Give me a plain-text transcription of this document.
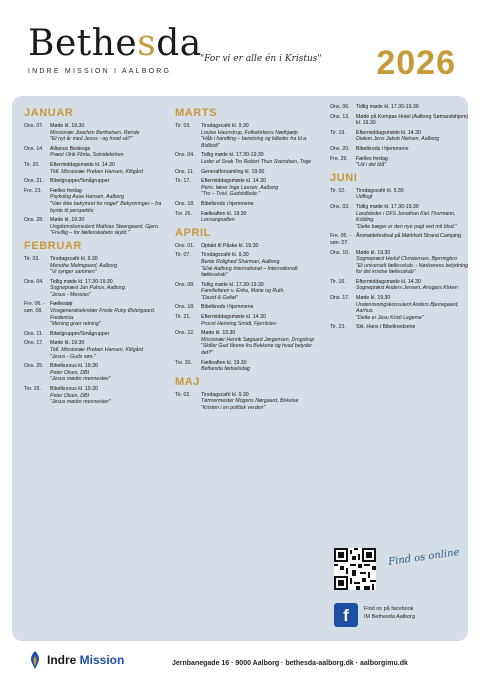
Bethesda
INDRE MISSION I AALBORG
"For vi er alle én i Kristus" 2026
JANUAR
Ons. 07.	Møde kl. 19.30
Missionær Joachim Berthelsen, Rønde
"Et nyt år med Jesus - og hvad så?"
Ons. 14.	Alliance Bedeuge
Præst Ulrik Flinta, Solsidekirken
Tir. 20.	Eftermiddagsmøde kl. 14.30
Tidl. Missionær Preben Hansen, Klitgård
Ons. 21.	Bibelgrupper/Smågrupper
Fre. 23.	Fælles fredag
Psykolog Aase Hansen, Aalborg
"Vær ikke bekymret for noget" Bekymringer – fra byrde til perspektiv.
Ons. 28.	Møde kl. 19.30
Ungdomskonsulent Mathias Steengaard, Gjern.
"Frivillig – for fællesskabets skyld."
FEBRUAR
Tir. 03.	Tirsdagscafé kl. 9.30
Merethe Malmgaard, Aalborg
"Vi synger sammen"
Ons. 04.	Tidlig møde kl. 17.30-19.30
Sognepræst Jan Pahus, Aalborg.
"Jesus - Messias"
Fre. 06. - søn. 08.
Fællesløjr
Vicegeneralsekretær Frede Ruby Østergaard, Fredericia.
"Mening giver retning"
Ons. 11.	Bibelgrupper/Smågrupper
Ons. 17.	Møde kl. 19.30
Tidl. Missionær Preben Hansen, Klitgård
"Jesus - Guds søn."
Ons. 25.	Bibelkursus kl. 19.30
Peter Olsen, DBI
"Jesus møder mennesker"
Tor. 26.	Bibelkursus kl. 19.30
Peter Olsen, DBI
"Jesus møder mennesker"
MARTS
Tir. 03.	Tirsdagscafé kl. 9.30
Louise Haunstrup, Folkekirkens Nødhjælp
"Håb i handling – beretning og billeder fra bl.a. Bidibidi"
Ons. 04.	Tidlig møde kl. 17.30-19.30
Leder af Snak Tro Robert Thun Svendsen, Trige
Ons. 11.	Generalforsamling kl. 19.00
Tir. 17.	Eftermiddagsmøde kl. 14.30
Pens. lærer Inge Lassen, Aalborg
"Tro – Tvivl, Gudsbillede."
Ons. 18.	Bibelkreds i hjemmene
Tor. 26.	Fælleaften kl. 19.30
Lovsangsaften
APRIL
Ons. 01.	Optakt til Påske kl. 19.30
Tir. 07.	Tirsdagscafé kl. 9.30
Bente Rolighed Sharman, Aalborg.
"Elsk Aalborg International – Internationalt fællesskab"
Ons. 08.	Tidlig møde kl. 17.30-19.30
Familiefaren v. Erika, Marie og Ruth.
"David & Goliat"
Ons. 18.	Bibelkreds i hjemmene
Tir. 21.	Eftermiddagsmøde kl. 14.30
Provst Henning Smidt, Fjerritslev
Ons. 22.	Møde kl. 19.30
Missionær Henrik Søgaard Jørgensen, Drogstrup
"Skiller Gud fårene fra Bukkene og hvad betyder det?"
Tor. 30.	Fælleaften kl. 19.30
Bethesda fødselsdag
MAJ
Tir. 02.	Tirsdagscafé kl. 9.30
Tømrermester Mogens Nørgaard, Birkelse
"Kristen i en politisk verden"
Ons. 06.	Tidlig møde kl. 17.30-19.30
Ons. 13.	Møde på Kompas Hotel (Aalborg Sømandshjem) kl. 19.30
Tir. 19.	Eftermiddagsmøde kl. 14.30
Diakon Jens Jakob Nielsen, Aalborg
Ons. 20.	Bibelkreds i hjemmene
Fre. 29.	Fælles fredag
"Ud i det blå"
JUNI
Tir. 02.	Tirsdagscafé kl. 9.30
Udflugt
Ons. 03.	Tidlig møde kl. 17.30-19.30
Landsleder i DFS Jonathan Kiel Thormann, Kolding.
"Dette bæger er den nye pagt ved mit blod."
Fre. 05. - søn. 07.
Årsmødefestival på Mørkholt Strand Camping
Ons. 10.	Møde kl. 19.30
Sognepræst Herluf Christensen, Bjerringbro
"Et universelt fællesskab. - Nødverens betydning for det kristne fællesskab"
Tir. 16.	Eftermiddagsmøde kl. 14.30
Sognepræst Anders Jensen, Ansgars Kirken
Ons. 17.	Møde kl. 19.30
Undervisningskonsulent Anders Bjerregaard, Aarhus.
"Dette er Jesu Kristi Legeme"
Tir. 23.	Skt. Hans i Bibelkredsene
Find os online
f	Find os på facebook
IM Bethesda Aalborg
Indre Mission	Jernbanegade 16 · 9000 Aalborg · bethesda-aalborg.dk · aalborgimu.dk
